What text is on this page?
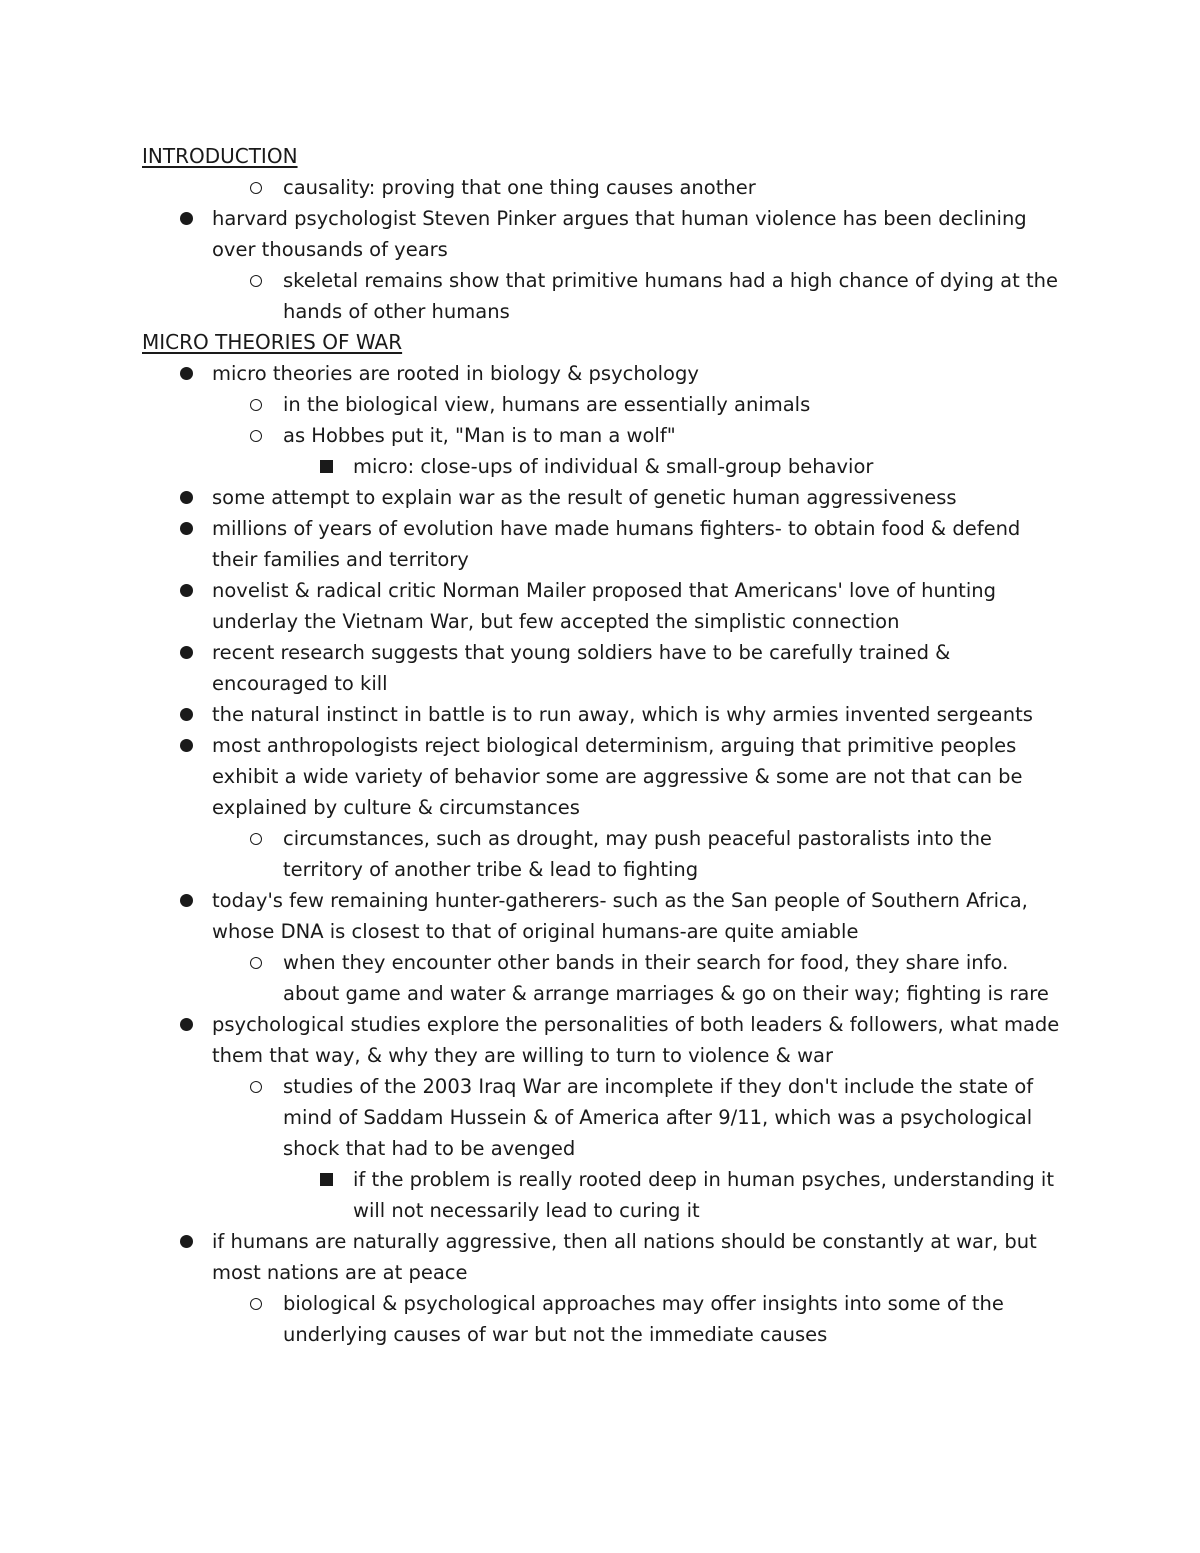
INTRODUCTION
causality: proving that one thing causes another
harvard psychologist Steven Pinker argues that human violence has been declining over thousands of years
skeletal remains show that primitive humans had a high chance of dying at the hands of other humans
MICRO THEORIES OF WAR
micro theories are rooted in biology & psychology
in the biological view, humans are essentially animals
as Hobbes put it, "Man is to man a wolf"
micro: close-ups of individual & small-group behavior
some attempt to explain war as the result of genetic human aggressiveness
millions of years of evolution have made humans fighters- to obtain food & defend their families and territory
novelist & radical critic Norman Mailer proposed that Americans' love of hunting underlay the Vietnam War, but few accepted the simplistic connection
recent research suggests that young soldiers have to be carefully trained & encouraged to kill
the natural instinct in battle is to run away, which is why armies invented sergeants
most anthropologists reject biological determinism, arguing that primitive peoples exhibit a wide variety of behavior some are aggressive & some are not that can be explained by culture & circumstances
circumstances, such as drought, may push peaceful pastoralists into the territory of another tribe & lead to fighting
today's few remaining hunter-gatherers- such as the San people of Southern Africa, whose DNA is closest to that of original humans-are quite amiable
when they encounter other bands in their search for food, they share info. about game and water & arrange marriages & go on their way; fighting is rare
psychological studies explore the personalities of both leaders & followers, what made them that way, & why they are willing to turn to violence & war
studies of the 2003 Iraq War are incomplete if they don't include the state of mind of Saddam Hussein & of America after 9/11, which was a psychological shock that had to be avenged
if the problem is really rooted deep in human psyches, understanding it will not necessarily lead to curing it
if humans are naturally aggressive, then all nations should be constantly at war, but most nations are at peace
biological & psychological approaches may offer insights into some of the underlying causes of war but not the immediate causes
